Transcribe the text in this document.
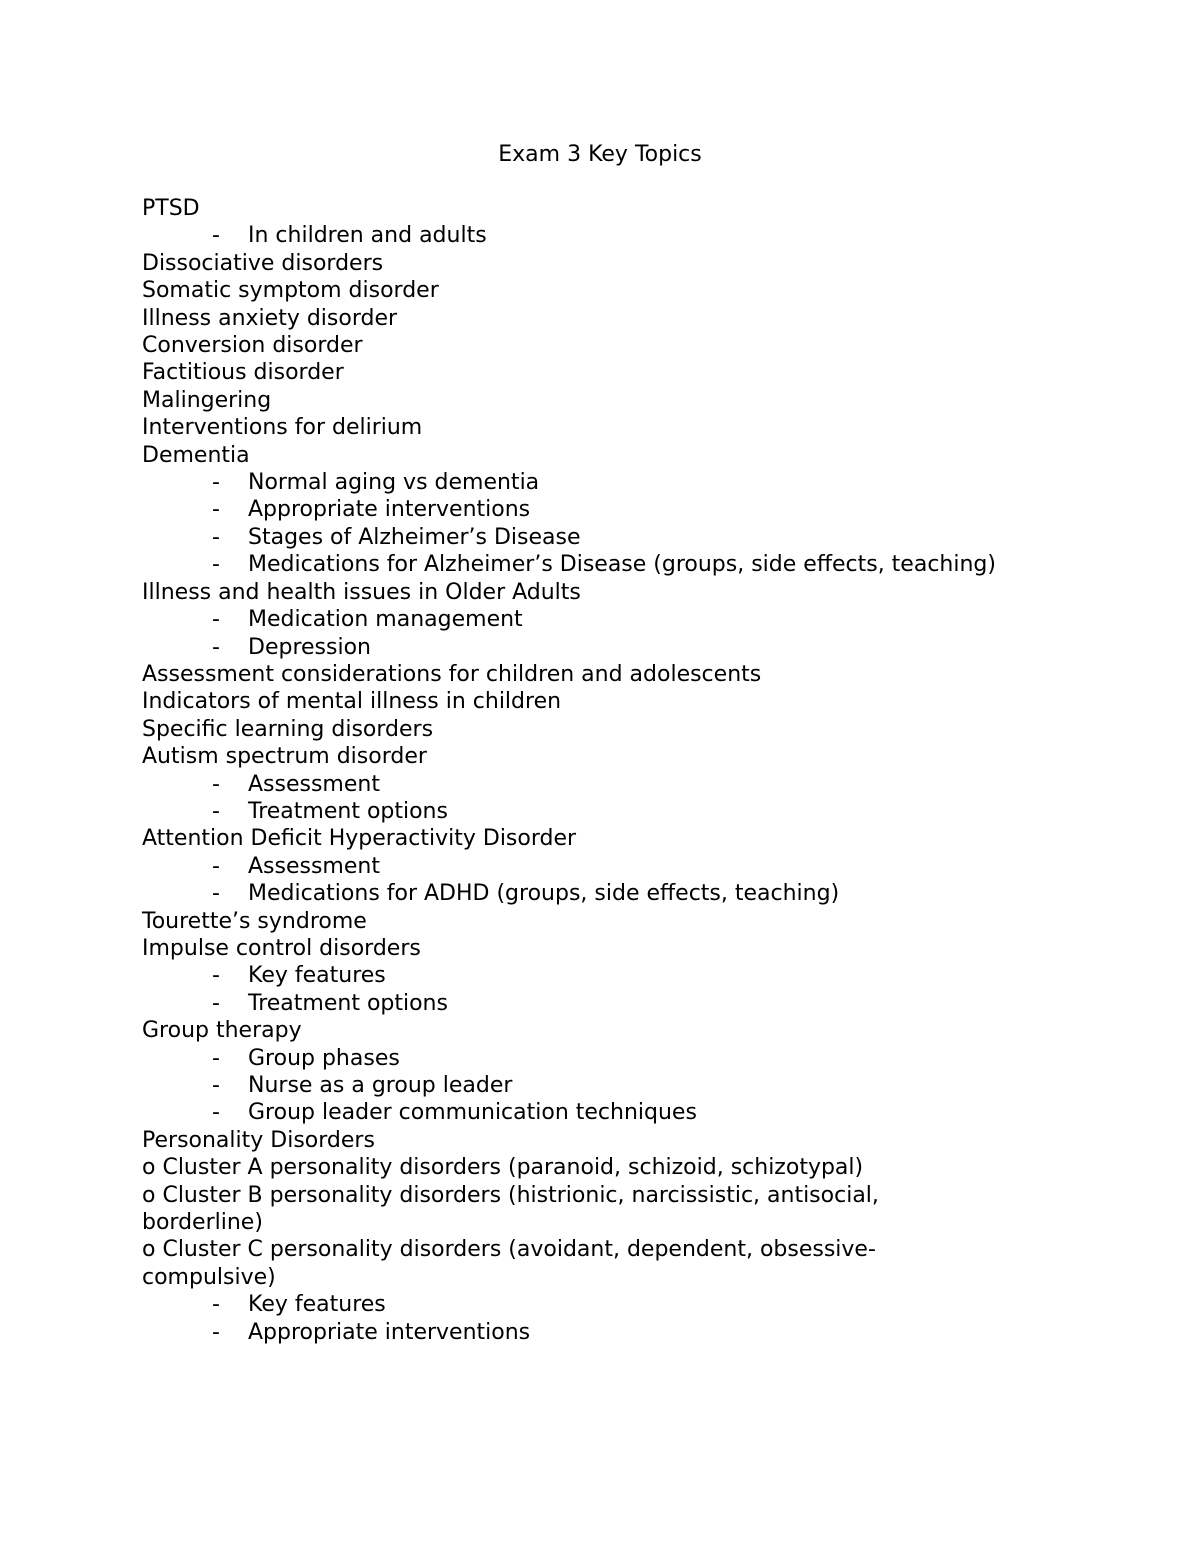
Exam 3 Key Topics
PTSD
- In children and adults
Dissociative disorders
Somatic symptom disorder
Illness anxiety disorder
Conversion disorder
Factitious disorder
Malingering
Interventions for delirium
Dementia
- Normal aging vs dementia
- Appropriate interventions
- Stages of Alzheimer’s Disease
- Medications for Alzheimer’s Disease (groups, side effects, teaching)
Illness and health issues in Older Adults
- Medication management
- Depression
Assessment considerations for children and adolescents
Indicators of mental illness in children
Specific learning disorders
Autism spectrum disorder
- Assessment
- Treatment options
Attention Deficit Hyperactivity Disorder
- Assessment
- Medications for ADHD (groups, side effects, teaching)
Tourette’s syndrome
Impulse control disorders
- Key features
- Treatment options
Group therapy
- Group phases
- Nurse as a group leader
- Group leader communication techniques
Personality Disorders
o Cluster A personality disorders (paranoid, schizoid, schizotypal)
o Cluster B personality disorders (histrionic, narcissistic, antisocial,
borderline)
o Cluster C personality disorders (avoidant, dependent, obsessive-
compulsive)
- Key features
- Appropriate interventions
